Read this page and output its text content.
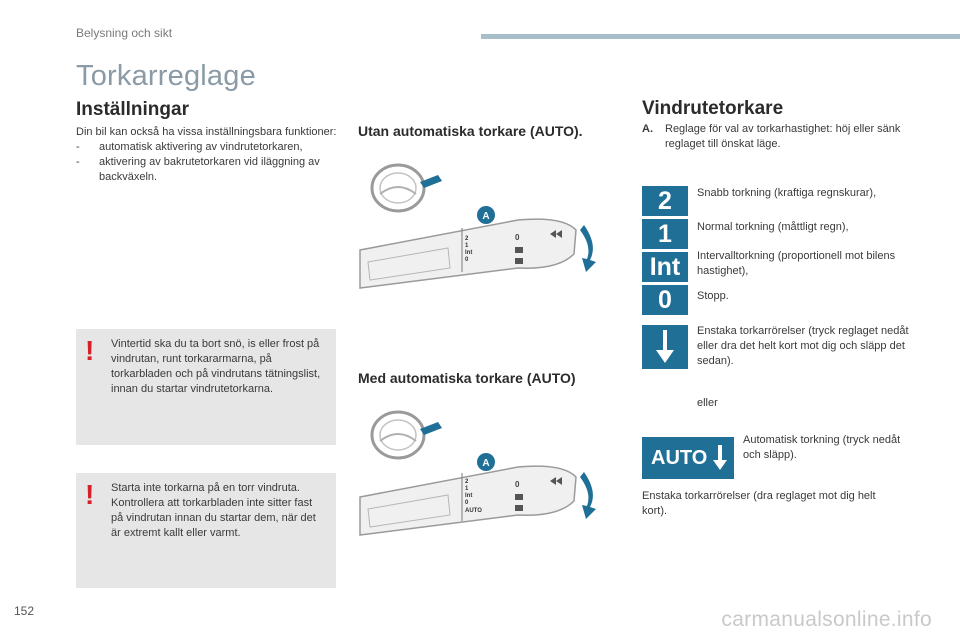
Belysning och sikt
Torkarreglage
Inställningar
Din bil kan också ha vissa inställningsbara funktioner:
- automatisk aktivering av vindrutetorkaren,
- aktivering av bakrutetorkaren vid iläggning av backväxeln.
! Vintertid ska du ta bort snö, is eller frost på vindrutan, runt torkararmarna, på torkarbladen och på vindrutans tätningslist, innan du startar vindrutetorkarna.
! Starta inte torkarna på en torr vindruta. Kontrollera att torkarbladen inte sitter fast på vindrutan innan du startar dem, när det är extremt kallt eller varmt.
Utan automatiska torkare (AUTO).
2
1
Int
0
0
A
Med automatiska torkare (AUTO)
2
1
Int
0
AUTO
0
A
Vindrutetorkare
A. Reglage för val av torkarhastighet: höj eller sänk reglaget till önskat läge.
2	Snabb torkning (kraftiga regnskurar),
1	Normal torkning (måttligt regn),
Int	Intervalltorkning (proportionell mot bilens hastighet),
0	Stopp.
Enstaka torkarrörelser (tryck reglaget nedåt eller dra det helt kort mot dig och släpp det sedan).
eller
AUTO
Automatisk torkning (tryck nedåt och släpp).
Enstaka torkarrörelser (dra reglaget mot dig helt kort).
152	carmanualsonline.info
